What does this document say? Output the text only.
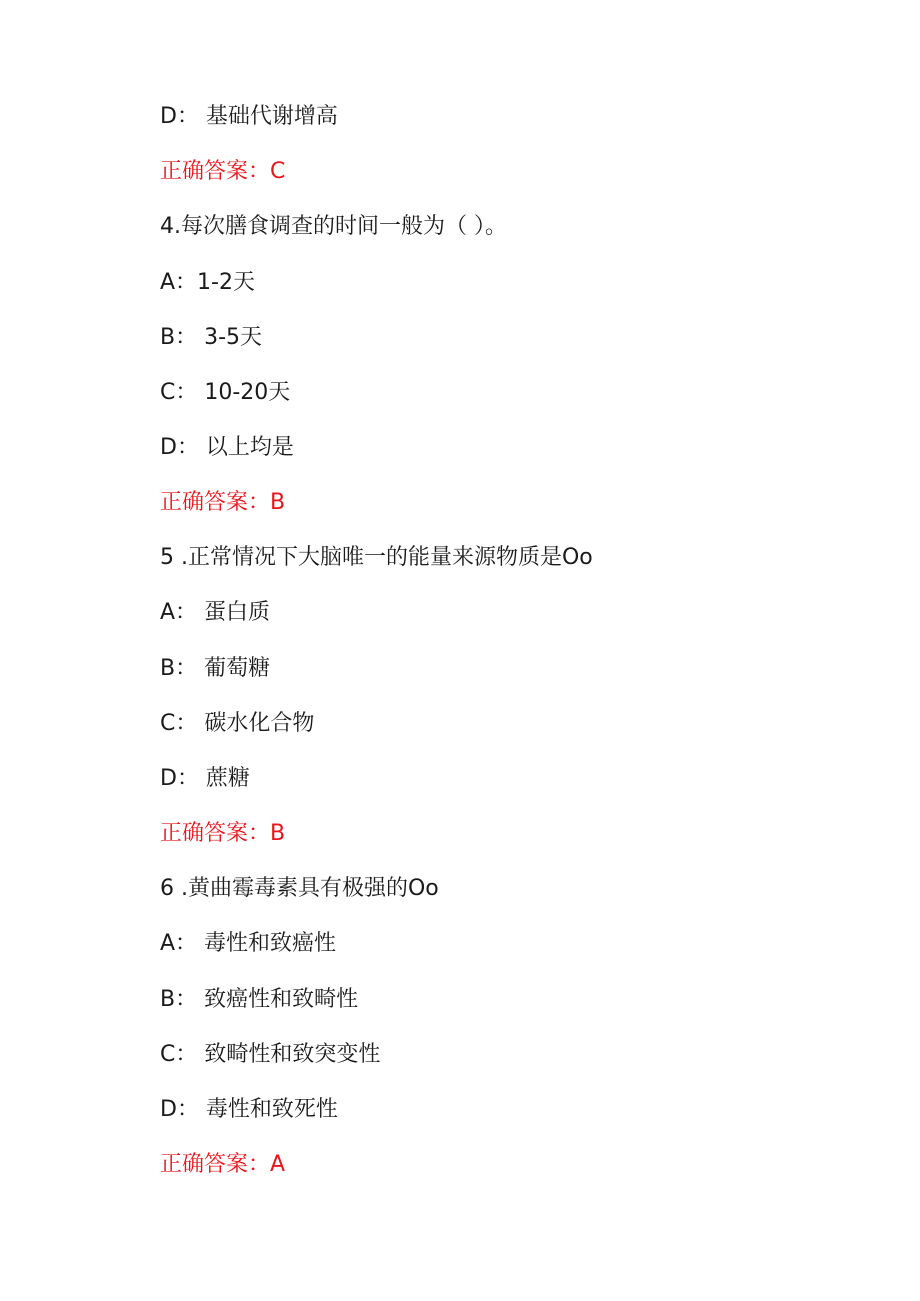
D： 基础代谢增高
正确答案：C
4.每次膳食调查的时间一般为（ ）。
A：1-2天
B： 3-5天
C： 10-20天
D： 以上均是
正确答案：B
5 .正常情况下大脑唯一的能量来源物质是Oo
A： 蛋白质
B： 葡萄糖
C： 碳水化合物
D： 蔗糖
正确答案：B
6 .黄曲霉毒素具有极强的Oo
A： 毒性和致癌性
B： 致癌性和致畸性
C： 致畸性和致突变性
D： 毒性和致死性
正确答案：A
